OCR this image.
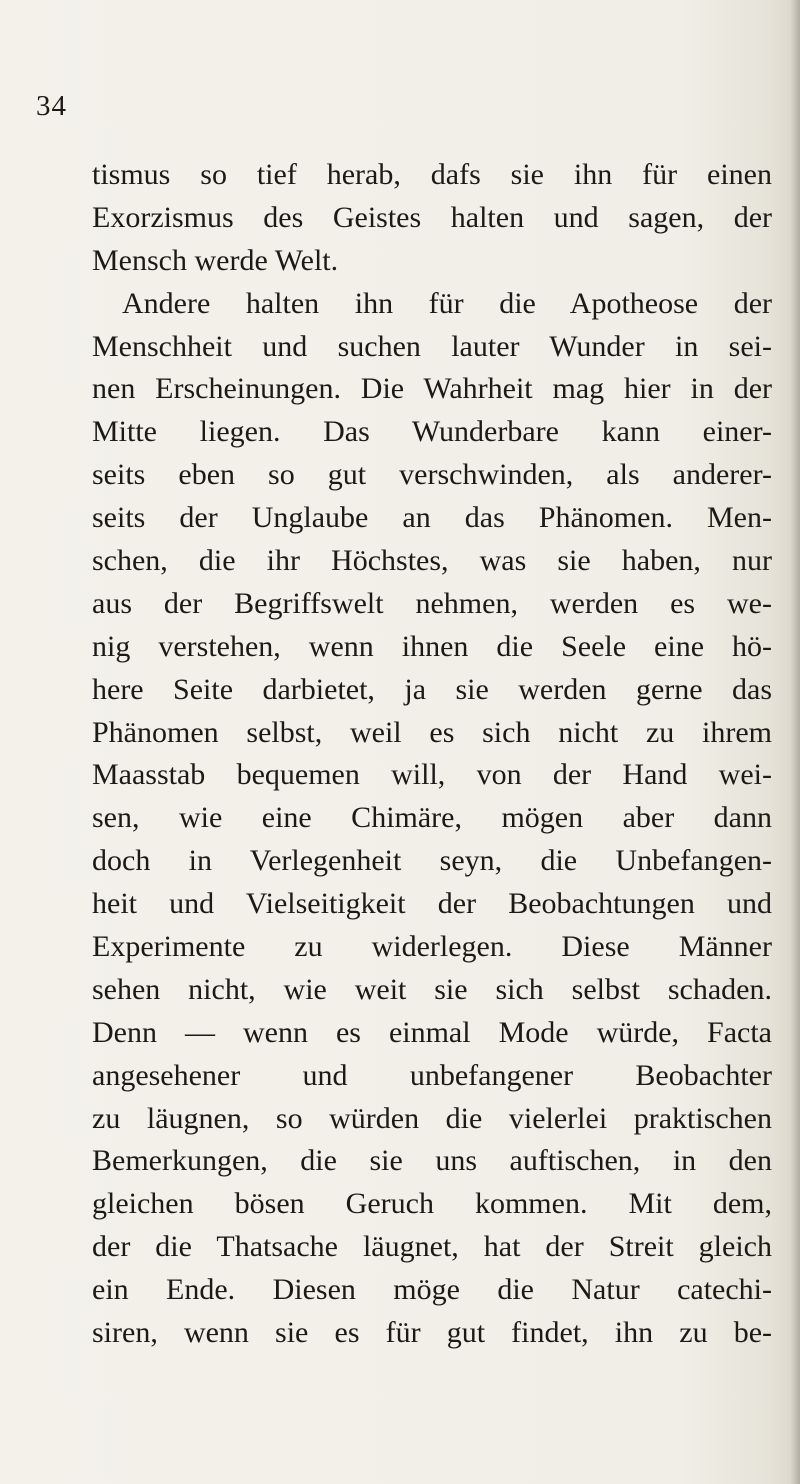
34
tismus so tief herab, dafs sie ihn für einen
Exorzismus des Geistes halten und sagen, der
Mensch werde Welt.
Andere halten ihn für die Apotheose der
Menschheit und suchen lauter Wunder in sei-
nen Erscheinungen. Die Wahrheit mag hier in der
Mitte liegen. Das Wunderbare kann einer-
seits eben so gut verschwinden, als anderer-
seits der Unglaube an das Phänomen. Men-
schen, die ihr Höchstes, was sie haben, nur
aus der Begriffswelt nehmen, werden es we-
nig verstehen, wenn ihnen die Seele eine hö-
here Seite darbietet, ja sie werden gerne das
Phänomen selbst, weil es sich nicht zu ihrem
Maasstab bequemen will, von der Hand wei-
sen, wie eine Chimäre, mögen aber dann
doch in Verlegenheit seyn, die Unbefangen-
heit und Vielseitigkeit der Beobachtungen und
Experimente zu widerlegen. Diese Männer
sehen nicht, wie weit sie sich selbst schaden.
Denn — wenn es einmal Mode würde, Facta
angesehener und unbefangener Beobachter
zu läugnen, so würden die vielerlei praktischen
Bemerkungen, die sie uns auftischen, in den
gleichen bösen Geruch kommen. Mit dem,
der die Thatsache läugnet, hat der Streit gleich
ein Ende. Diesen möge die Natur catechi-
siren, wenn sie es für gut findet, ihn zu be-
